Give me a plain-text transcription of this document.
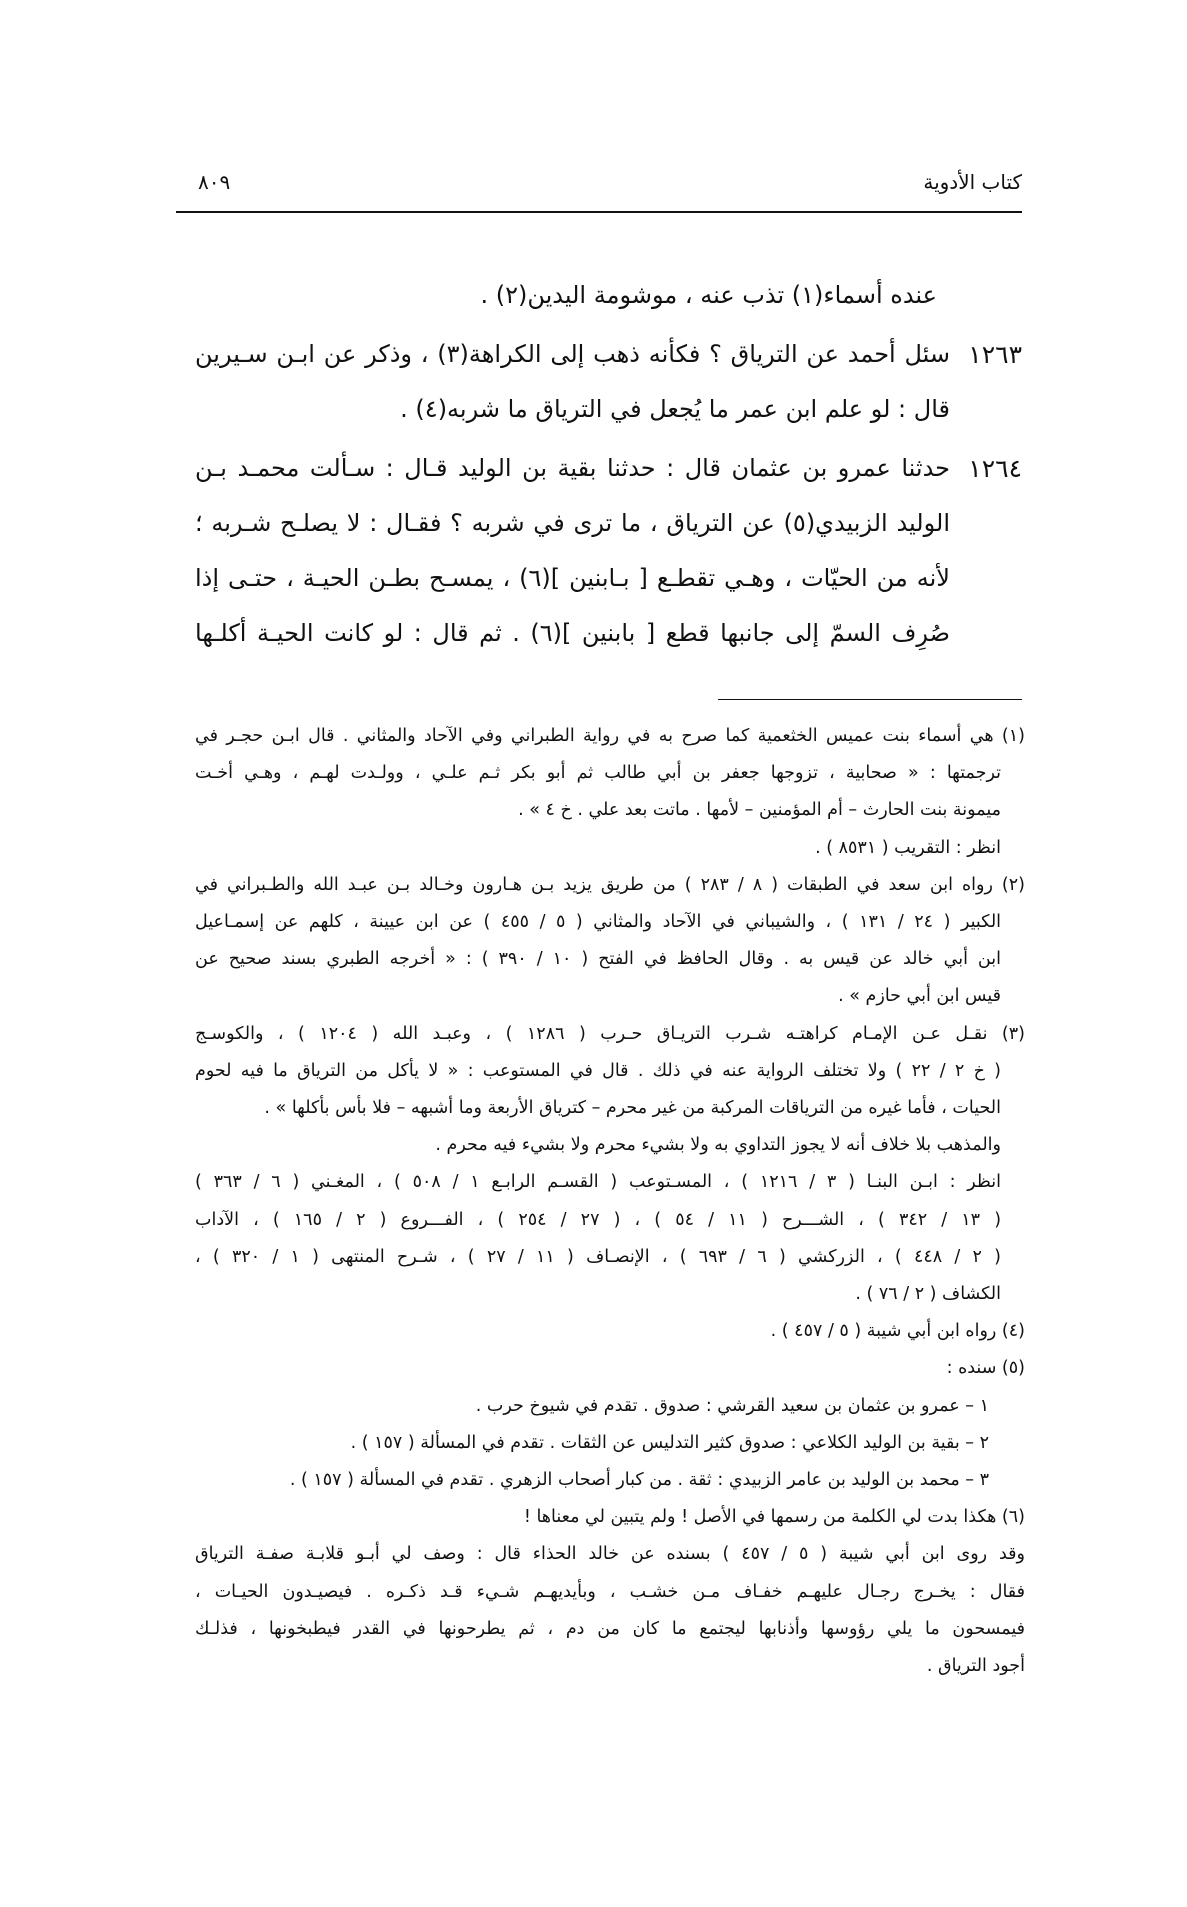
كتاب الأدوية
٨٠٩
عنده أسماء(١) تذب عنه ، موشومة اليدين(٢) .
١٢٦٣
سئل أحمد عن الترياق ؟ فكأنه ذهب إلى الكراهة(٣) ، وذكر عن ابـن سـيرين
قال : لو علم ابن عمر ما يُجعل في الترياق ما شربه(٤) .
١٢٦٤
حدثنا عمرو بن عثمان قال : حدثنا بقية بن الوليد قـال : سـألت محمـد بـن
الوليد الزبيدي(٥) عن الترياق ، ما ترى في شربه ؟ فقـال : لا يصلـح شـربه ؛
لأنه من الحيّات ، وهـي تقطـع [ بـابنين ](٦) ، يمسـح بطـن الحيـة ، حتـى إذا
صُرِف السمّ إلى جانبها قطع [ بابنين ](٦) . ثم قال : لو كانت الحيـة أكلـها
(١) هي أسماء بنت عميس الخثعمية كما صرح به في رواية الطبراني وفي الآحاد والمثاني . قال ابـن حجـر في
ترجمتها : « صحابية ، تزوجها جعفر بن أبي طالب ثم أبو بكر ثـم علـي ، وولـدت لهـم ، وهـي أخـت
ميمونة بنت الحارث – أم المؤمنين – لأمها . ماتت بعد علي . خ ٤ » .
انظر : التقريب ( ٨٥٣١ ) .
(٢) رواه ابن سعد في الطبقات ( ٨ / ٢٨٣ ) من طريق يزيد بـن هـارون وخـالد بـن عبـد الله والطـبراني في
الكبير ( ٢٤ / ١٣١ ) ، والشيباني في الآحاد والمثاني ( ٥ / ٤٥٥ ) عن ابن عيينة ، كلهم عن إسمـاعيل
ابن أبي خالد عن قيس به . وقال الحافظ في الفتح ( ١٠ / ٣٩٠ ) : « أخرجه الطبري بسند صحيح عن
قيس ابن أبي حازم » .
(٣) نقـل عـن الإمـام كراهتـه شـرب التريـاق حـرب ( ١٢٨٦ ) ، وعبـد الله ( ١٢٠٤ ) ، والكوسـج
( خ ٢ / ٢٢ ) ولا تختلف الرواية عنه في ذلك . قال في المستوعب : « لا يأكل من الترياق ما فيه لحوم
الحيات ، فأما غيره من الترياقات المركبة من غير محرم – كترياق الأربعة وما أشبهه – فلا بأس بأكلها » .
والمذهب بلا خلاف أنه لا يجوز التداوي به ولا بشيء محرم ولا بشيء فيه محرم .
انظر : ابـن البنـا ( ٣ / ١٢١٦ ) ، المسـتوعب ( القسـم الرابـع ١ / ٥٠٨ ) ، المغـني ( ٦ / ٣٦٣ )
( ١٣ / ٣٤٢ ) ، الشـــرح ( ١١ / ٥٤ ) ، ( ٢٧ / ٢٥٤ ) ، الفـــروع ( ٢ / ١٦٥ ) ، الآداب
( ٢ / ٤٤٨ ) ، الزركشي ( ٦ / ٦٩٣ ) ، الإنصـاف ( ١١ / ٢٧ ) ، شـرح المنتهى ( ١ / ٣٢٠ ) ،
الكشاف ( ٢ / ٧٦ ) .
(٤) رواه ابن أبي شيبة ( ٥ / ٤٥٧ ) .
(٥) سنده :
١ – عمرو بن عثمان بن سعيد القرشي : صدوق . تقدم في شيوخ حرب .
٢ – بقية بن الوليد الكلاعي : صدوق كثير التدليس عن الثقات . تقدم في المسألة ( ١٥٧ ) .
٣ – محمد بن الوليد بن عامر الزبيدي : ثقة . من كبار أصحاب الزهري . تقدم في المسألة ( ١٥٧ ) .
(٦) هكذا بدت لي الكلمة من رسمها في الأصل ! ولم يتبين لي معناها !
وقد روى ابن أبي شيبة ( ٥ / ٤٥٧ ) بسنده عن خالد الحذاء قال : وصف لي أبـو قلابـة صفـة الترياق
فقال : يخـرج رجـال عليهـم خفـاف مـن خشـب ، وبأيديهـم شـيء قـد ذكـره . فيصيـدون الحيـات ،
فيمسحون ما يلي رؤوسها وأذنابها ليجتمع ما كان من دم ، ثم يطرحونها في القدر فيطبخونها ، فذلـك
أجود الترياق .
